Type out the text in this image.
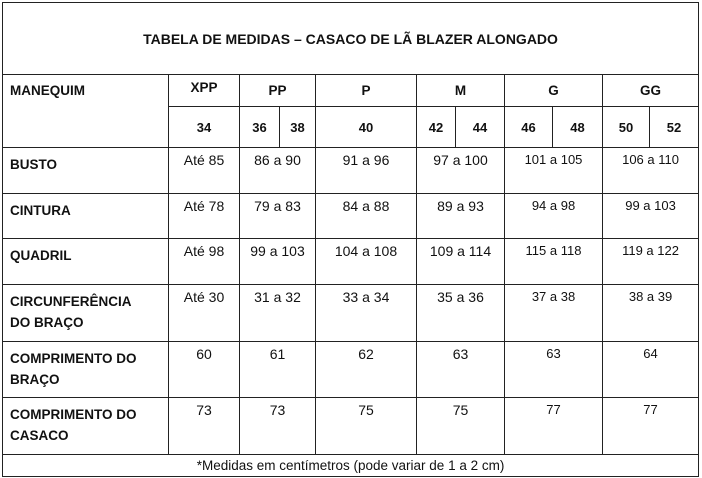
TABELA DE MEDIDAS – CASACO DE LÃ BLAZER ALONGADO										
MANEQUIM	XPP	PP		P	M		G		GG	
	34	36	38	40	42	44	46	48	50	52
BUSTO	Até 85	86 a 90		91 a 96	97 a 100		101 a 105		106 a 110	
CINTURA	Até 78	79 a 83		84 a 88	89 a 93		94 a 98		99 a 103	
QUADRIL	Até 98	99 a 103		104 a 108	109 a 114		115 a 118		119 a 122	
CIRCUNFERÊNCIA
DO BRAÇO	Até 30	31 a 32		33 a 34	35 a 36		37 a 38		38 a 39	
COMPRIMENTO DO
BRAÇO	60	61		62	63		63		64	
COMPRIMENTO DO
CASACO	73	73		75	75		77		77	
*Medidas em centímetros (pode variar de 1 a 2 cm)										
